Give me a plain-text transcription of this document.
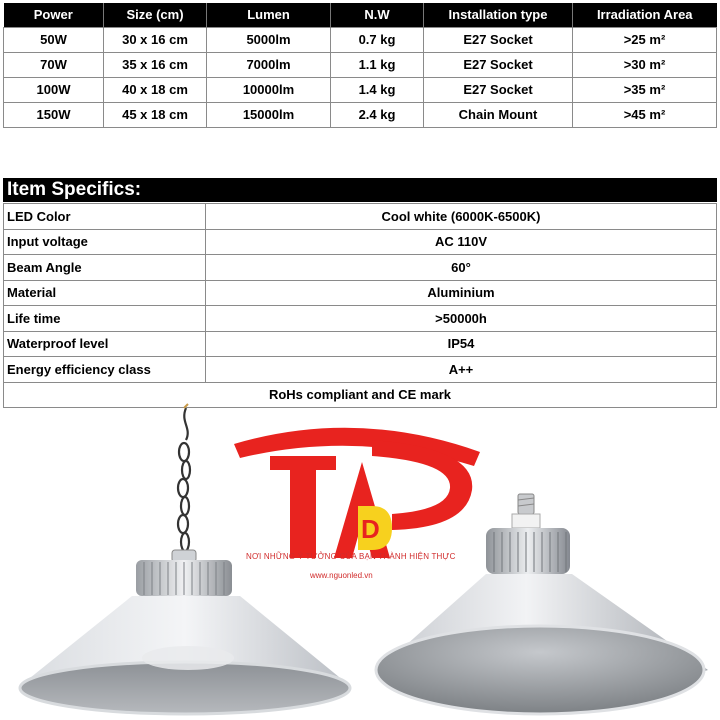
Power	Size (cm)	Lumen	N.W	Installation type	Irradiation Area
50W	30 x 16 cm	5000lm	0.7 kg	E27 Socket	>25 m²
70W	35 x 16 cm	7000lm	1.1 kg	E27 Socket	>30 m²
100W	40 x 18 cm	10000lm	1.4 kg	E27 Socket	>35 m²
150W	45 x 18 cm	15000lm	2.4 kg	Chain Mount	>45 m²
Item Specifics:
LED Color	Cool white (6000K-6500K)
Input voltage	AC 110V
Beam Angle	60°
Material	Aluminium
Life time	>50000h
Waterproof level	IP54
Energy efficiency class	A++
RoHs compliant and CE mark	
D
NƠI NHỮNG Ý TƯỞNG CỦA BẠN THÀNH HIỆN THỰC
www.nguonled.vn
